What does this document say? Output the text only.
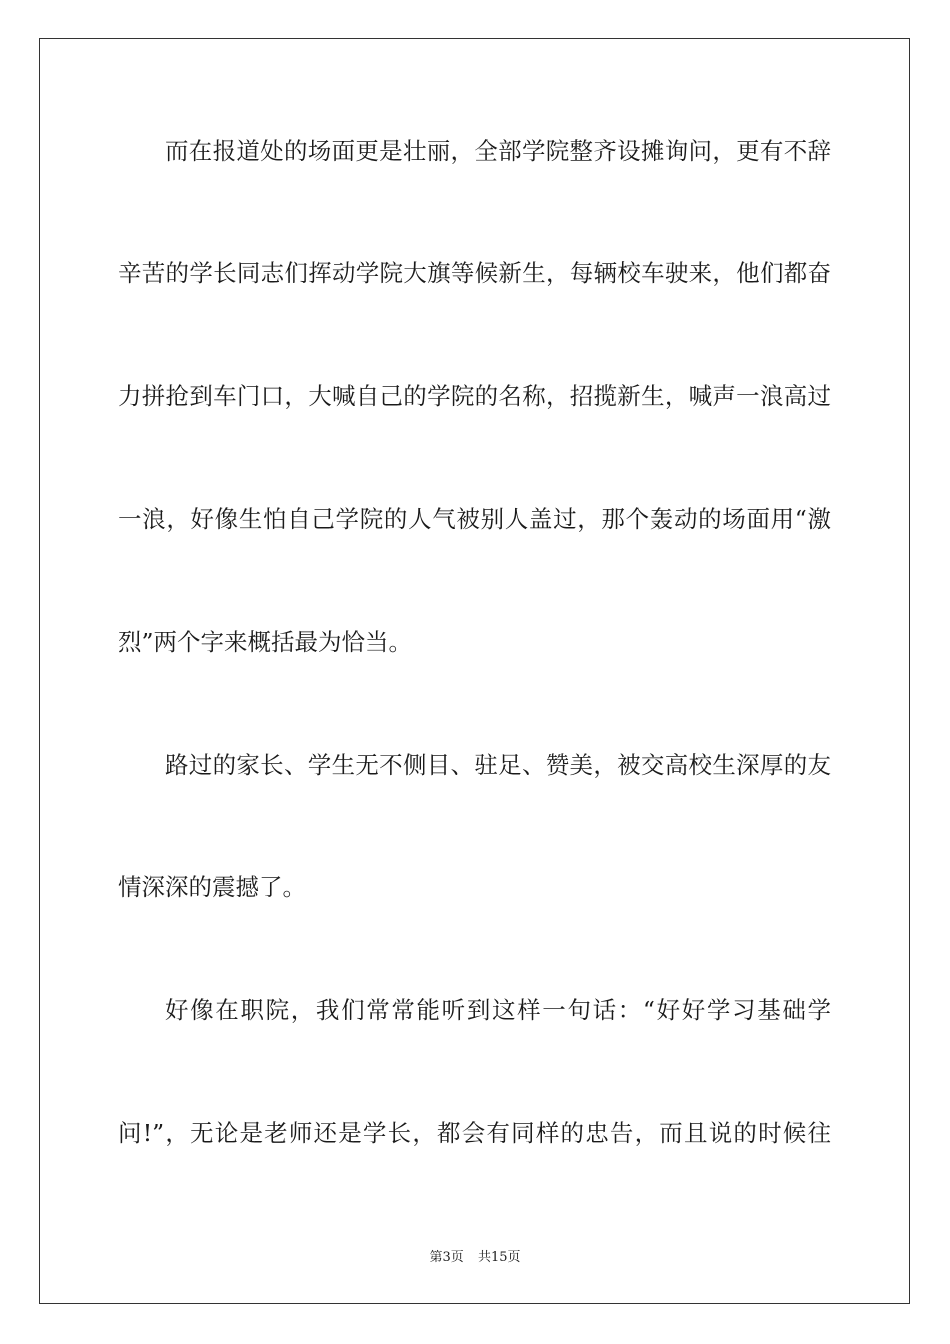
而在报道处的场面更是壮丽，全部学院整齐设摊询问，更有不辞
辛苦的学长同志们挥动学院大旗等候新生，每辆校车驶来，他们都奋
力拼抢到车门口，大喊自己的学院的名称，招揽新生，喊声一浪高过
一浪，好像生怕自己学院的人气被别人盖过，那个轰动的场面用“激
烈”两个字来概括最为恰当。
路过的家长、学生无不侧目、驻足、赞美，被交高校生深厚的友
情深深的震撼了。
好像在职院，我们常常能听到这样一句话：“好好学习基础学
问!”，无论是老师还是学长，都会有同样的忠告，而且说的时候往
第3页 共15页
